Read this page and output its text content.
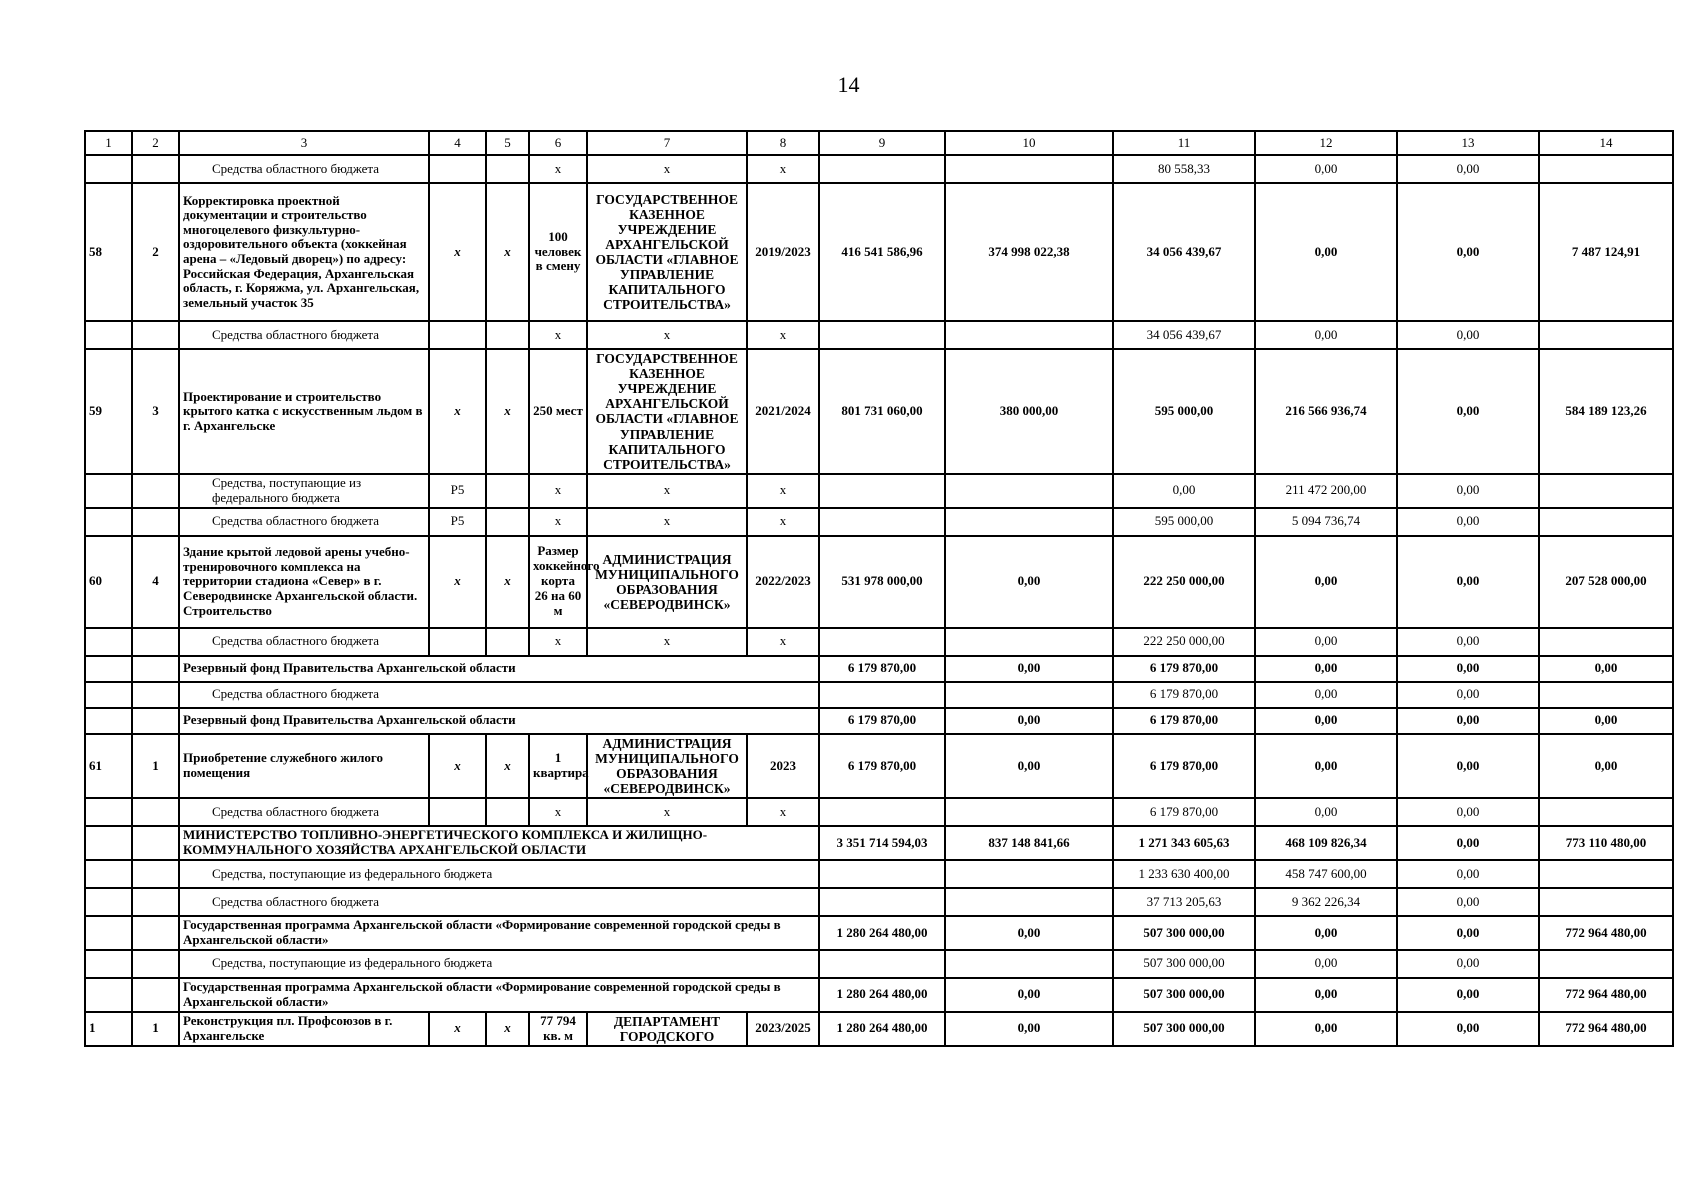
14
1	2	3	4	5	6	7	8	9	10	11	12	13	14
		Средства областного бюджета			х	х	х			80 558,33	0,00	0,00	
58	2	Корректировка проектной документации и строительство многоцелевого физкультурно-оздоровительного объекта (хоккейная арена – «Ледовый дворец») по адресу: Российская Федерация, Архангельская область, г. Коряжма, ул. Архангельская, земельный участок 35	х	х	100 человек в смену	ГОСУДАРСТВЕННОЕ КАЗЕННОЕ УЧРЕЖДЕНИЕ АРХАНГЕЛЬСКОЙ ОБЛАСТИ «ГЛАВНОЕ УПРАВЛЕНИЕ КАПИТАЛЬНОГО СТРОИТЕЛЬСТВА»	2019/2023	416 541 586,96	374 998 022,38	34 056 439,67	0,00	0,00	7 487 124,91
		Средства областного бюджета			х	х	х			34 056 439,67	0,00	0,00	
59	3	Проектирование и строительство крытого катка с искусственным льдом в г. Архангельске	х	х	250 мест	ГОСУДАРСТВЕННОЕ КАЗЕННОЕ УЧРЕЖДЕНИЕ АРХАНГЕЛЬСКОЙ ОБЛАСТИ «ГЛАВНОЕ УПРАВЛЕНИЕ КАПИТАЛЬНОГО СТРОИТЕЛЬСТВА»	2021/2024	801 731 060,00	380 000,00	595 000,00	216 566 936,74	0,00	584 189 123,26
		Средства, поступающие из федерального бюджета	Р5		х	х	х			0,00	211 472 200,00	0,00	
		Средства областного бюджета	Р5		х	х	х			595 000,00	5 094 736,74	0,00	
60	4	Здание крытой ледовой арены учебно-тренировочного комплекса на территории стадиона «Север» в г. Северодвинске Архангельской области. Строительство	х	х	Размер хоккейного корта 26 на 60 м	АДМИНИСТРАЦИЯ МУНИЦИПАЛЬНОГО ОБРАЗОВАНИЯ «СЕВЕРОДВИНСК»	2022/2023	531 978 000,00	0,00	222 250 000,00	0,00	0,00	207 528 000,00
		Средства областного бюджета			х	х	х			222 250 000,00	0,00	0,00	
		Резервный фонд Правительства Архангельской области						6 179 870,00	0,00	6 179 870,00	0,00	0,00	0,00
		Средства областного бюджета								6 179 870,00	0,00	0,00	
		Резервный фонд Правительства Архангельской области						6 179 870,00	0,00	6 179 870,00	0,00	0,00	0,00
61	1	Приобретение служебного жилого помещения	х	х	1 квартира	АДМИНИСТРАЦИЯ МУНИЦИПАЛЬНОГО ОБРАЗОВАНИЯ «СЕВЕРОДВИНСК»	2023	6 179 870,00	0,00	6 179 870,00	0,00	0,00	0,00
		Средства областного бюджета			х	х	х			6 179 870,00	0,00	0,00	
		МИНИСТЕРСТВО ТОПЛИВНО-ЭНЕРГЕТИЧЕСКОГО КОМПЛЕКСА И ЖИЛИЩНО-КОММУНАЛЬНОГО ХОЗЯЙСТВА АРХАНГЕЛЬСКОЙ ОБЛАСТИ						3 351 714 594,03	837 148 841,66	1 271 343 605,63	468 109 826,34	0,00	773 110 480,00
		Средства, поступающие из федерального бюджета								1 233 630 400,00	458 747 600,00	0,00	
		Средства областного бюджета								37 713 205,63	9 362 226,34	0,00	
		Государственная программа Архангельской области «Формирование современной городской среды в Архангельской области»						1 280 264 480,00	0,00	507 300 000,00	0,00	0,00	772 964 480,00
		Средства, поступающие из федерального бюджета								507 300 000,00	0,00	0,00	
		Государственная программа Архангельской области «Формирование современной городской среды в Архангельской области»						1 280 264 480,00	0,00	507 300 000,00	0,00	0,00	772 964 480,00
1	1	Реконструкция пл. Профсоюзов в г. Архангельске	х	х	77 794 кв. м	ДЕПАРТАМЕНТ ГОРОДСКОГО	2023/2025	1 280 264 480,00	0,00	507 300 000,00	0,00	0,00	772 964 480,00
